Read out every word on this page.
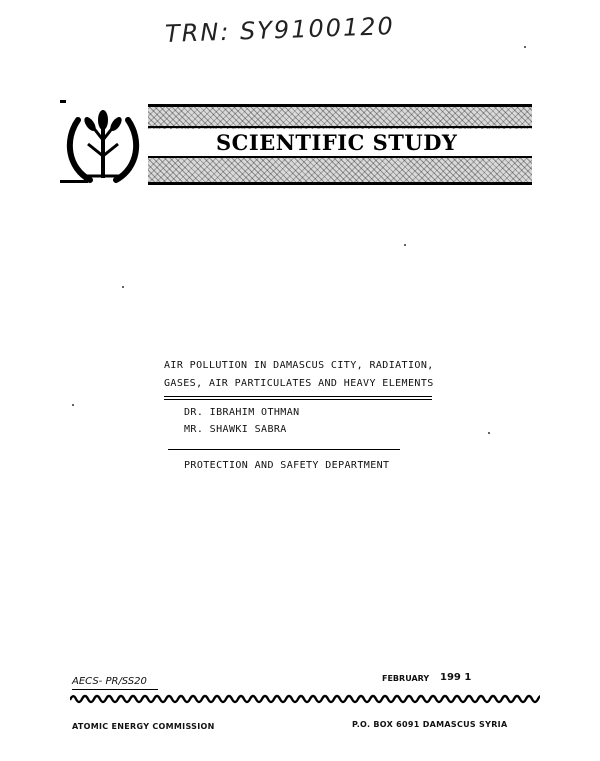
TRN: SY9100120
SCIENTIFIC STUDY
AIR POLLUTION IN DAMASCUS CITY, RADIATION,
GASES, AIR PARTICULATES AND HEAVY ELEMENTS
DR. IBRAHIM OTHMAN
MR. SHAWKI SABRA
PROTECTION AND SAFETY DEPARTMENT
AECS- PR/SS20	FEBRUARY 199 1
ATOMIC ENERGY COMMISSION	P.O. BOX 6091 DAMASCUS SYRIA
